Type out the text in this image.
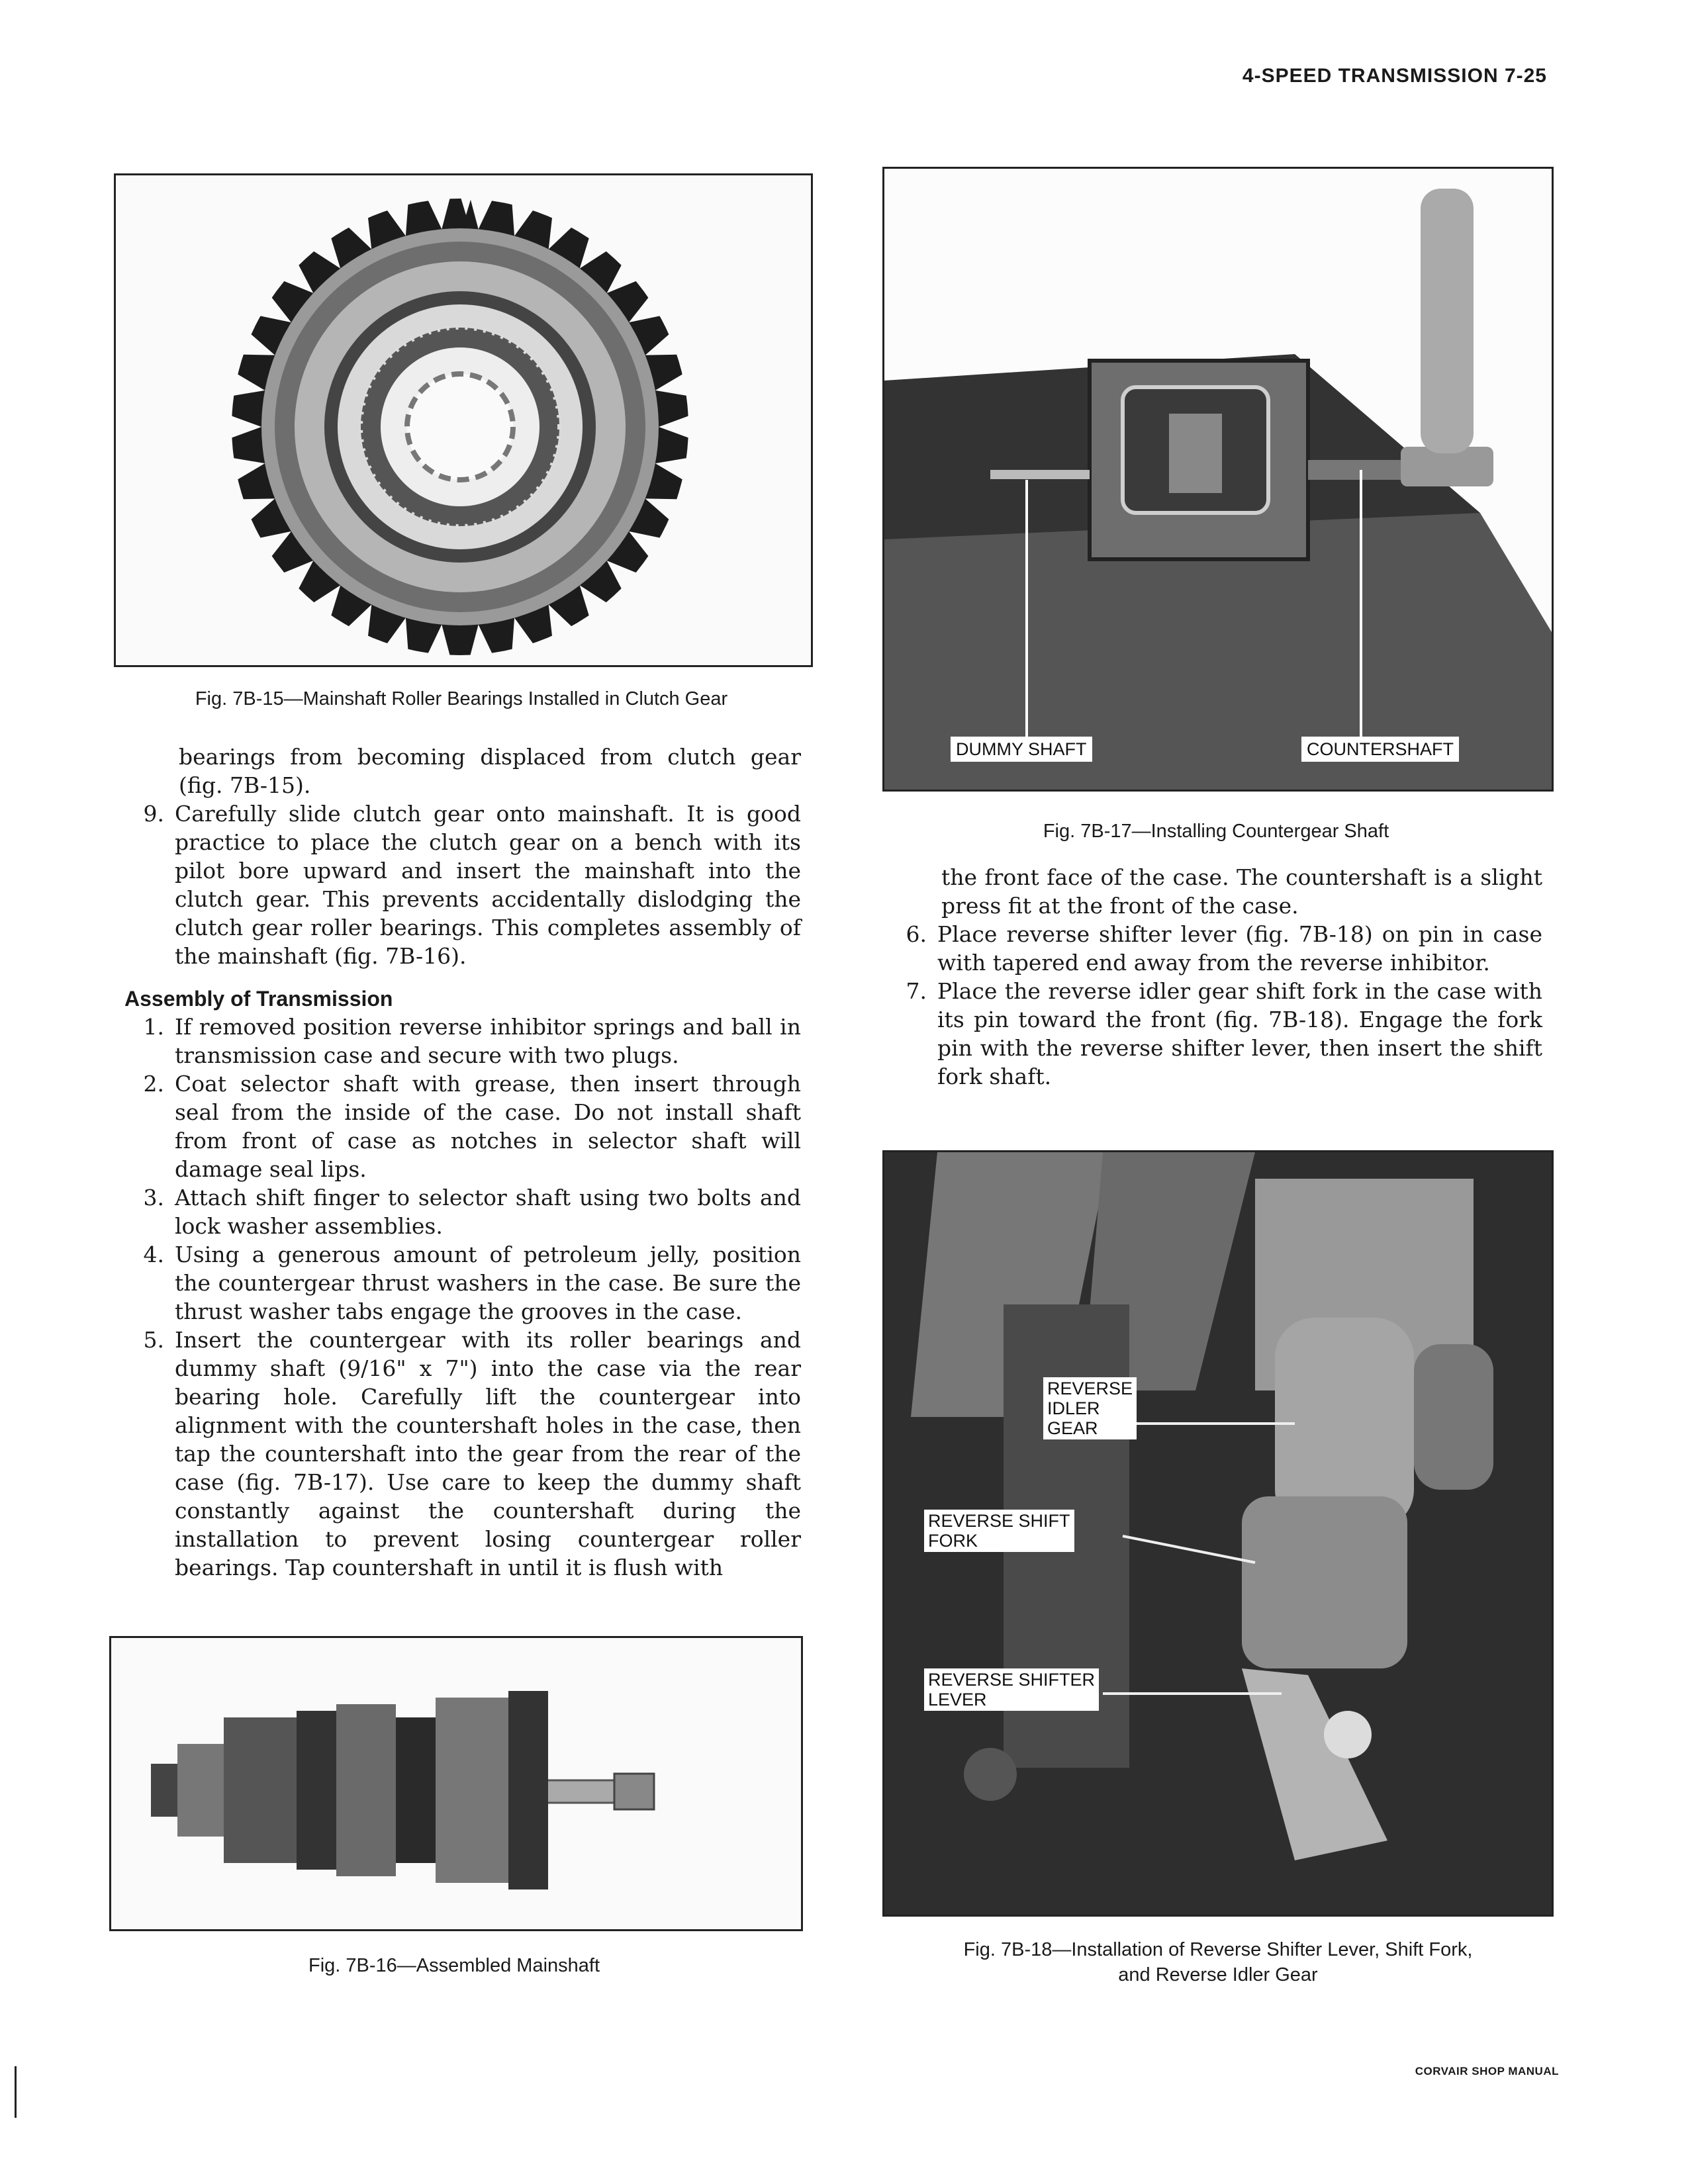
4-SPEED TRANSMISSION 7-25
Fig. 7B-15—Mainshaft Roller Bearings Installed in Clutch Gear

bearings from becoming displaced from clutch gear (fig. 7B-15).

9. Carefully slide clutch gear onto mainshaft. It is good practice to place the clutch gear on a bench with its pilot bore upward and insert the mainshaft into the clutch gear. This prevents accidentally dislodging the clutch gear roller bearings. This completes assembly of the mainshaft (fig. 7B-16).
Assembly of Transmission
1. If removed position reverse inhibitor springs and ball in transmission case and secure with two plugs.
2. Coat selector shaft with grease, then insert through seal from the inside of the case. Do not install shaft from front of case as notches in selector shaft will damage seal lips.
3. Attach shift finger to selector shaft using two bolts and lock washer assemblies.
4. Using a generous amount of petroleum jelly, position the countergear thrust washers in the case. Be sure the thrust washer tabs engage the grooves in the case.
5. Insert the countergear with its roller bearings and dummy shaft (9/16" x 7") into the case via the rear bearing hole. Carefully lift the countergear into alignment with the countershaft holes in the case, then tap the countershaft into the gear from the rear of the case (fig. 7B-17). Use care to keep the dummy shaft constantly against the countershaft during the installation to prevent losing countergear roller bearings. Tap countershaft in until it is flush with
Fig. 7B-16—Assembled Mainshaft
DUMMY SHAFT	COUNTERSHAFT
Fig. 7B-17—Installing Countergear Shaft

the front face of the case. The countershaft is a slight press fit at the front of the case.

6. Place reverse shifter lever (fig. 7B-18) on pin in case with tapered end away from the reverse inhibitor.
7. Place the reverse idler gear shift fork in the case with its pin toward the front (fig. 7B-18). Engage the fork pin with the reverse shifter lever, then insert the shift fork shaft.
REVERSE
IDLER
GEAR
REVERSE SHIFT
FORK
REVERSE SHIFTER
LEVER
Fig. 7B-18—Installation of Reverse Shifter Lever, Shift Fork,
and Reverse Idler Gear
CORVAIR SHOP MANUAL
